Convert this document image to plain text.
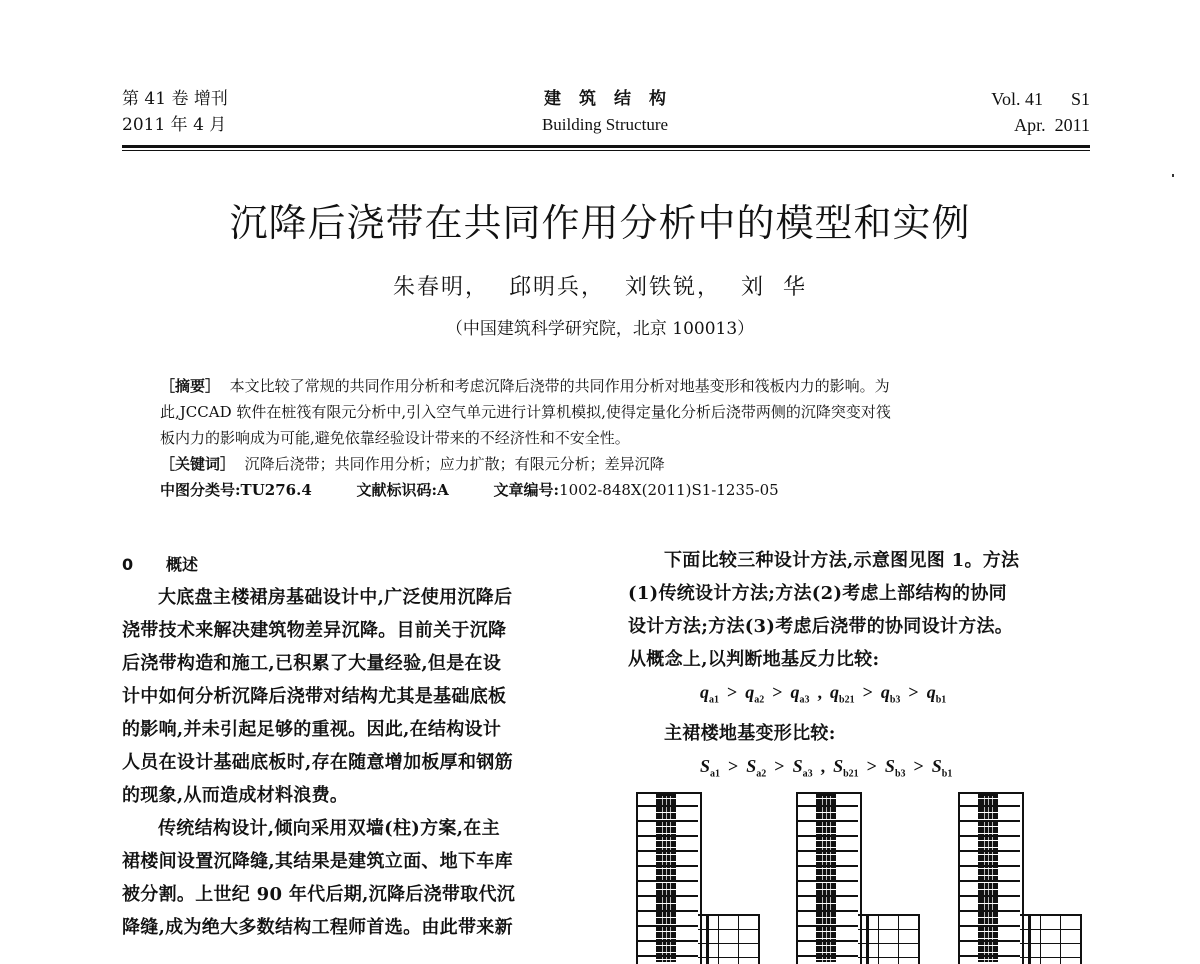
第 41 卷 增刊
2011 年 4 月
建筑结构
Building Structure
Vol. 41 S1
Apr.  2011
沉降后浇带在共同作用分析中的模型和实例
朱春明， 邱明兵， 刘铁锐， 刘  华
（中国建筑科学研究院，北京 100013）
［摘要］ 本文比较了常规的共同作用分析和考虑沉降后浇带的共同作用分析对地基变形和筏板内力的影响。为
此,JCCAD 软件在桩筏有限元分析中,引入空气单元进行计算机模拟,使得定量化分析后浇带两侧的沉降突变对筏
板内力的影响成为可能,避免依靠经验设计带来的不经济性和不安全性。
［关键词］ 沉降后浇带；共同作用分析；应力扩散；有限元分析；差异沉降
中图分类号:TU276.4	文献标识码:A	文章编号:1002-848X(2011)S1-1235-05
0 概述
大底盘主楼裙房基础设计中,广泛使用沉降后
浇带技术来解决建筑物差异沉降。目前关于沉降
后浇带构造和施工,已积累了大量经验,但是在设
计中如何分析沉降后浇带对结构尤其是基础底板
的影响,并未引起足够的重视。因此,在结构设计
人员在设计基础底板时,存在随意增加板厚和钢筋
的现象,从而造成材料浪费。
传统结构设计,倾向采用双墙(柱)方案,在主
裙楼间设置沉降缝,其结果是建筑立面、地下车库
被分割。上世纪 90 年代后期,沉降后浇带取代沉
降缝,成为绝大多数结构工程师首选。由此带来新
下面比较三种设计方法,示意图见图 1。方法
(1)传统设计方法;方法(2)考虑上部结构的协同
设计方法;方法(3)考虑后浇带的协同设计方法。
从概念上,以判断地基反力比较:
$q_{a1} > q_{a2} > q_{a3}$ , $q_{b21} > q_{b3} > q_{b1}$
主裙楼地基变形比较:
$S_{a1} > S_{a2} > S_{a3}$ , $S_{b21} > S_{b3} > S_{b1}$
